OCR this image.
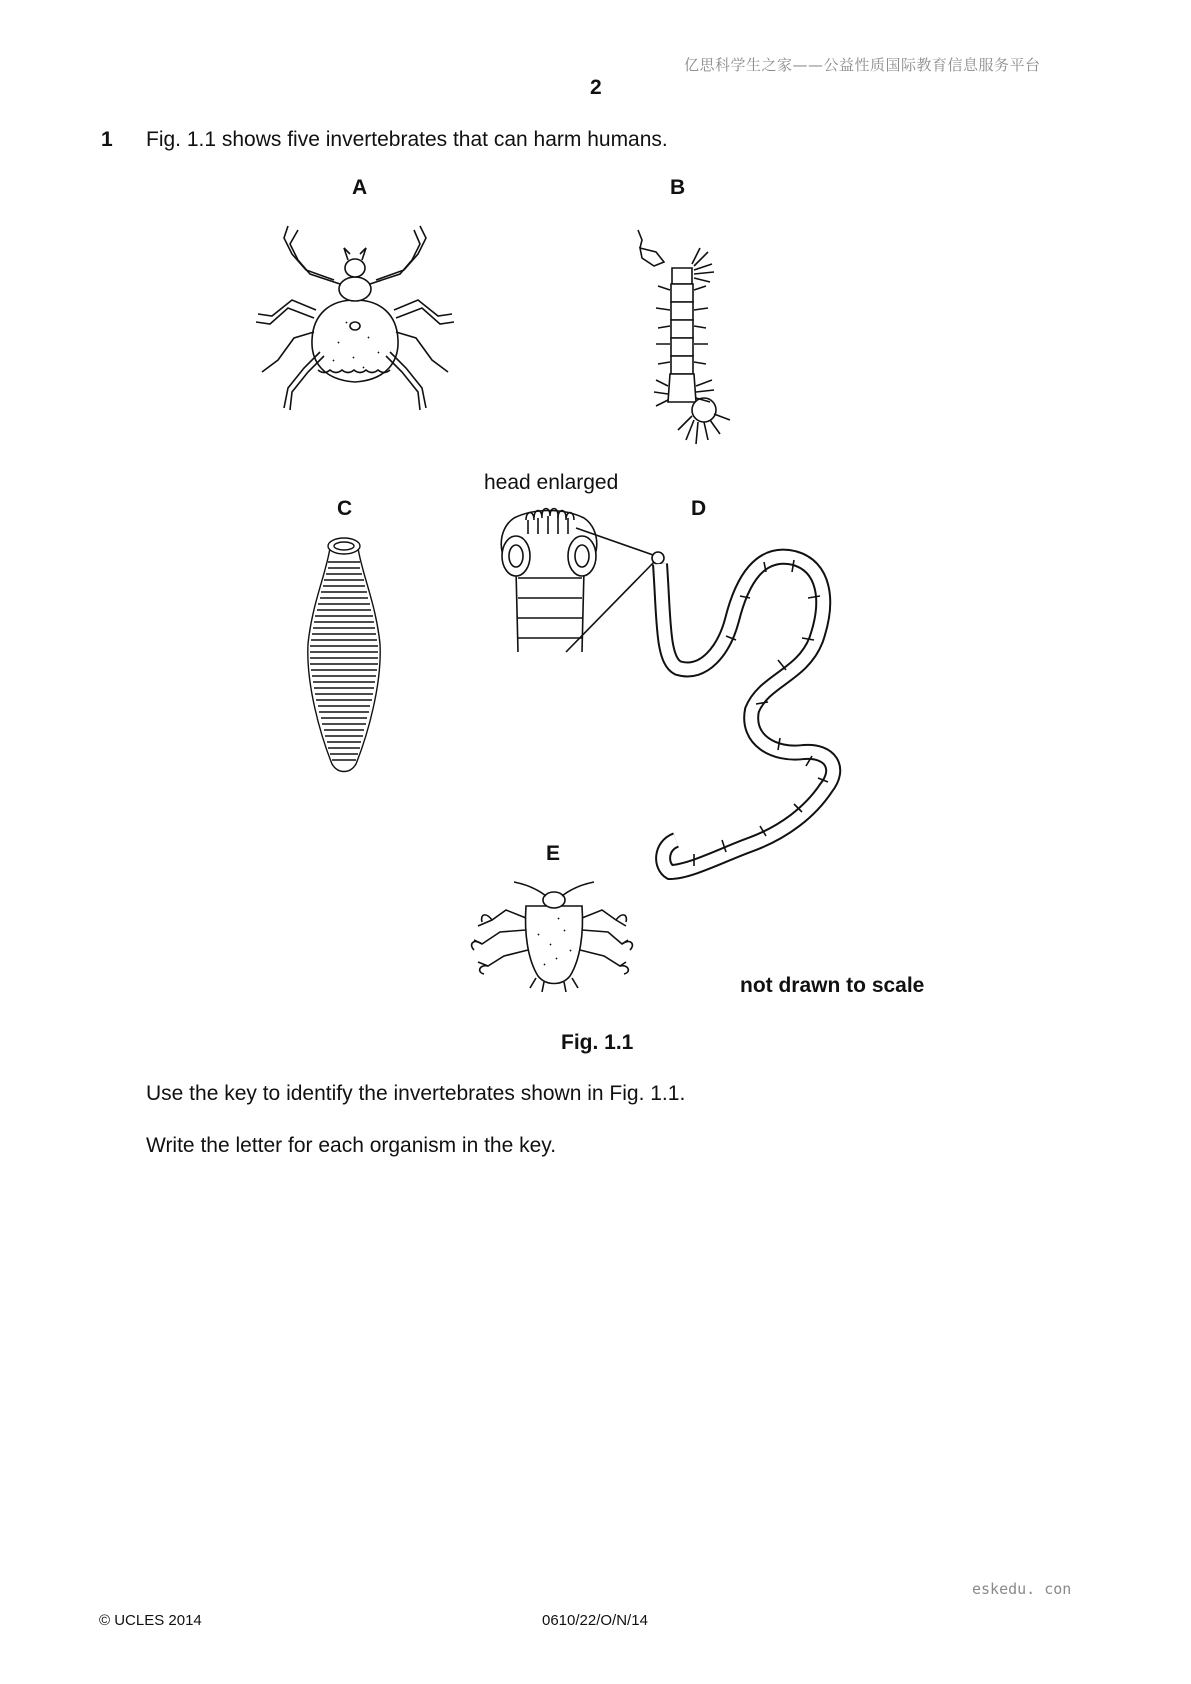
亿思科学生之家——公益性质国际教育信息服务平台
2
1 Fig. 1.1 shows five invertebrates that can harm humans.
A	B
C	D
E
head enlarged
not drawn to scale
Fig. 1.1
Use the key to identify the invertebrates shown in Fig. 1.1.
Write the letter for each organism in the key.
eskedu. con
© UCLES 2014	0610/22/O/N/14
